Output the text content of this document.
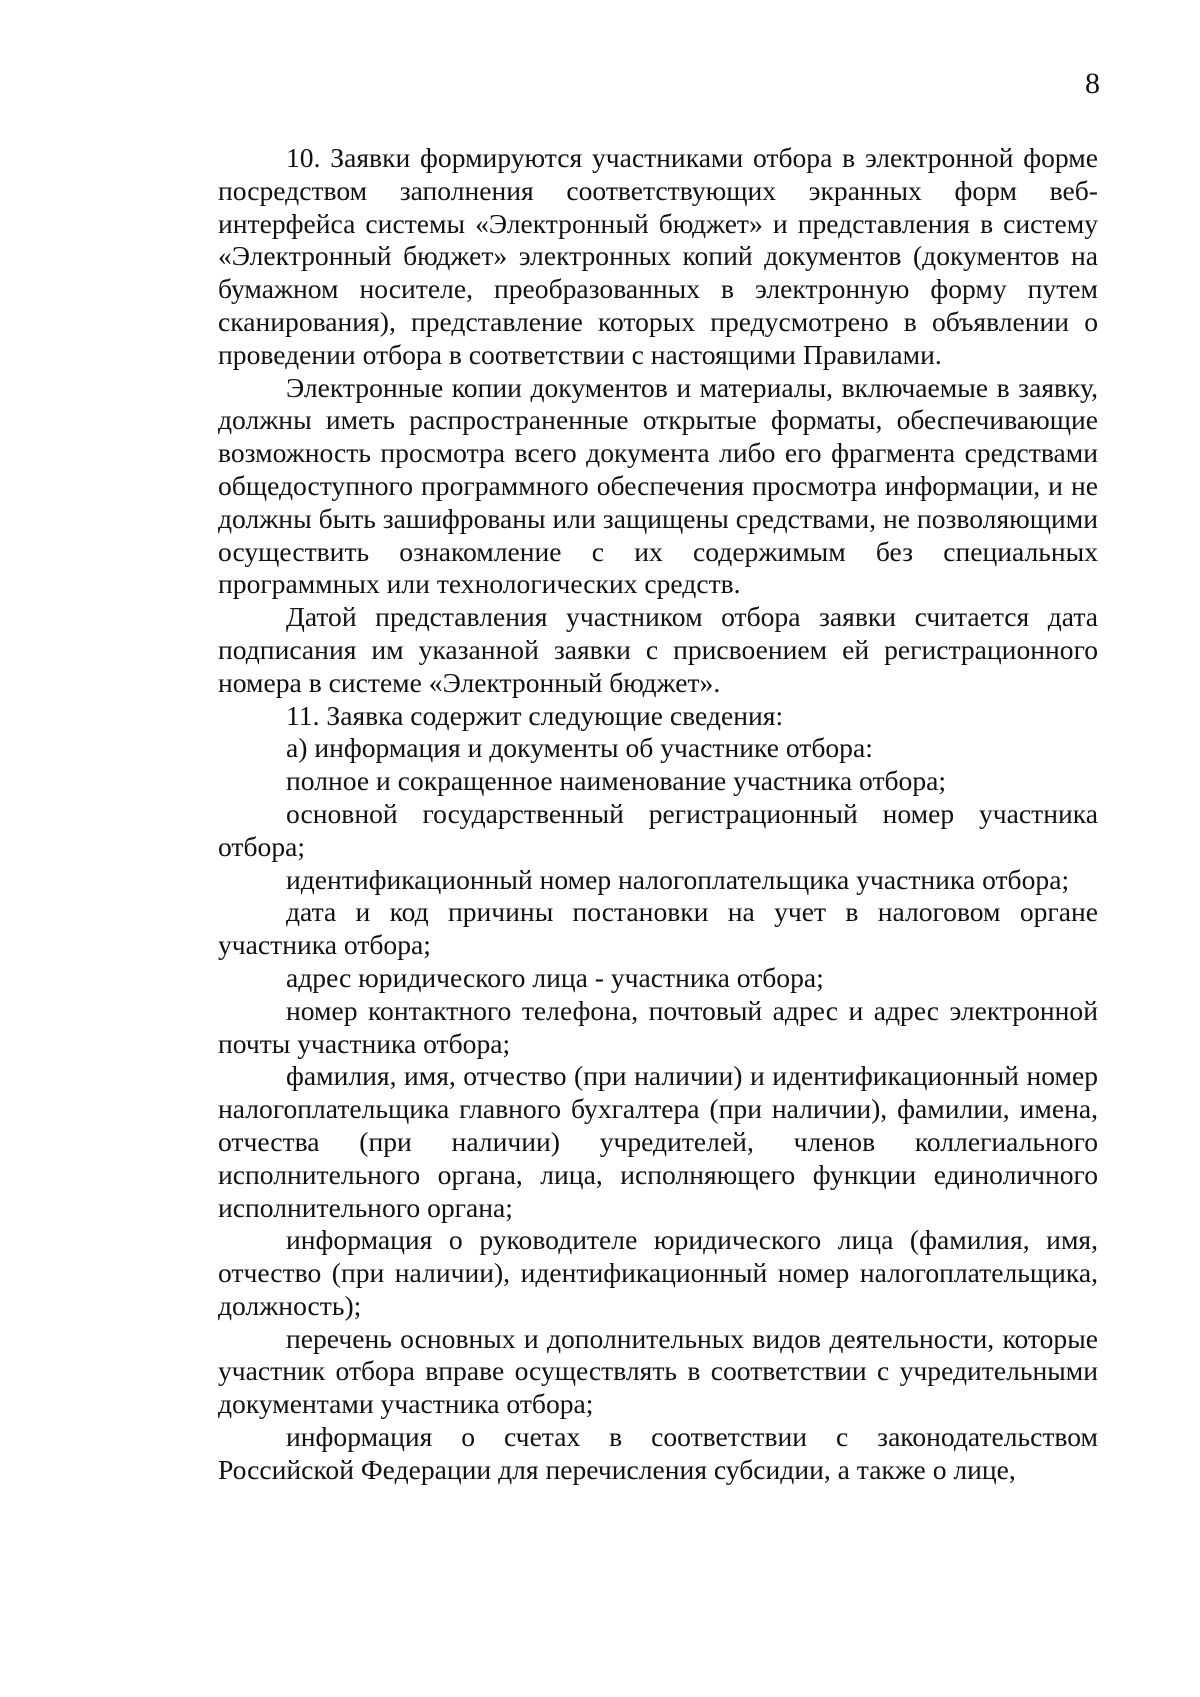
8

10. Заявки формируются участниками отбора в электронной форме посредством заполнения соответствующих экранных форм веб-интерфейса системы «Электронный бюджет» и представления в систему «Электронный бюджет» электронных копий документов (документов на бумажном носителе, преобразованных в электронную форму путем сканирования), представление которых предусмотрено в объявлении о проведении отбора в соответствии с настоящими Правилами.

Электронные копии документов и материалы, включаемые в заявку, должны иметь распространенные открытые форматы, обеспечивающие возможность просмотра всего документа либо его фрагмента средствами общедоступного программного обеспечения просмотра информации, и не должны быть зашифрованы или защищены средствами, не позволяющими осуществить ознакомление с их содержимым без специальных программных или технологических средств.

Датой представления участником отбора заявки считается дата подписания им указанной заявки с присвоением ей регистрационного номера в системе «Электронный бюджет».

11. Заявка содержит следующие сведения:

а) информация и документы об участнике отбора:

полное и сокращенное наименование участника отбора;

основной государственный регистрационный номер участника отбора;

идентификационный номер налогоплательщика участника отбора;

дата и код причины постановки на учет в налоговом органе участника отбора;

адрес юридического лица - участника отбора;

номер контактного телефона, почтовый адрес и адрес электронной почты участника отбора;

фамилия, имя, отчество (при наличии) и идентификационный номер налогоплательщика главного бухгалтера (при наличии), фамилии, имена, отчества (при наличии) учредителей, членов коллегиального исполнительного органа, лица, исполняющего функции единоличного исполнительного органа;

информация о руководителе юридического лица (фамилия, имя, отчество (при наличии), идентификационный номер налогоплательщика, должность);

перечень основных и дополнительных видов деятельности, которые участник отбора вправе осуществлять в соответствии с учредительными документами участника отбора;

информация о счетах в соответствии с законодательством Российской Федерации для перечисления субсидии, а также о лице,
